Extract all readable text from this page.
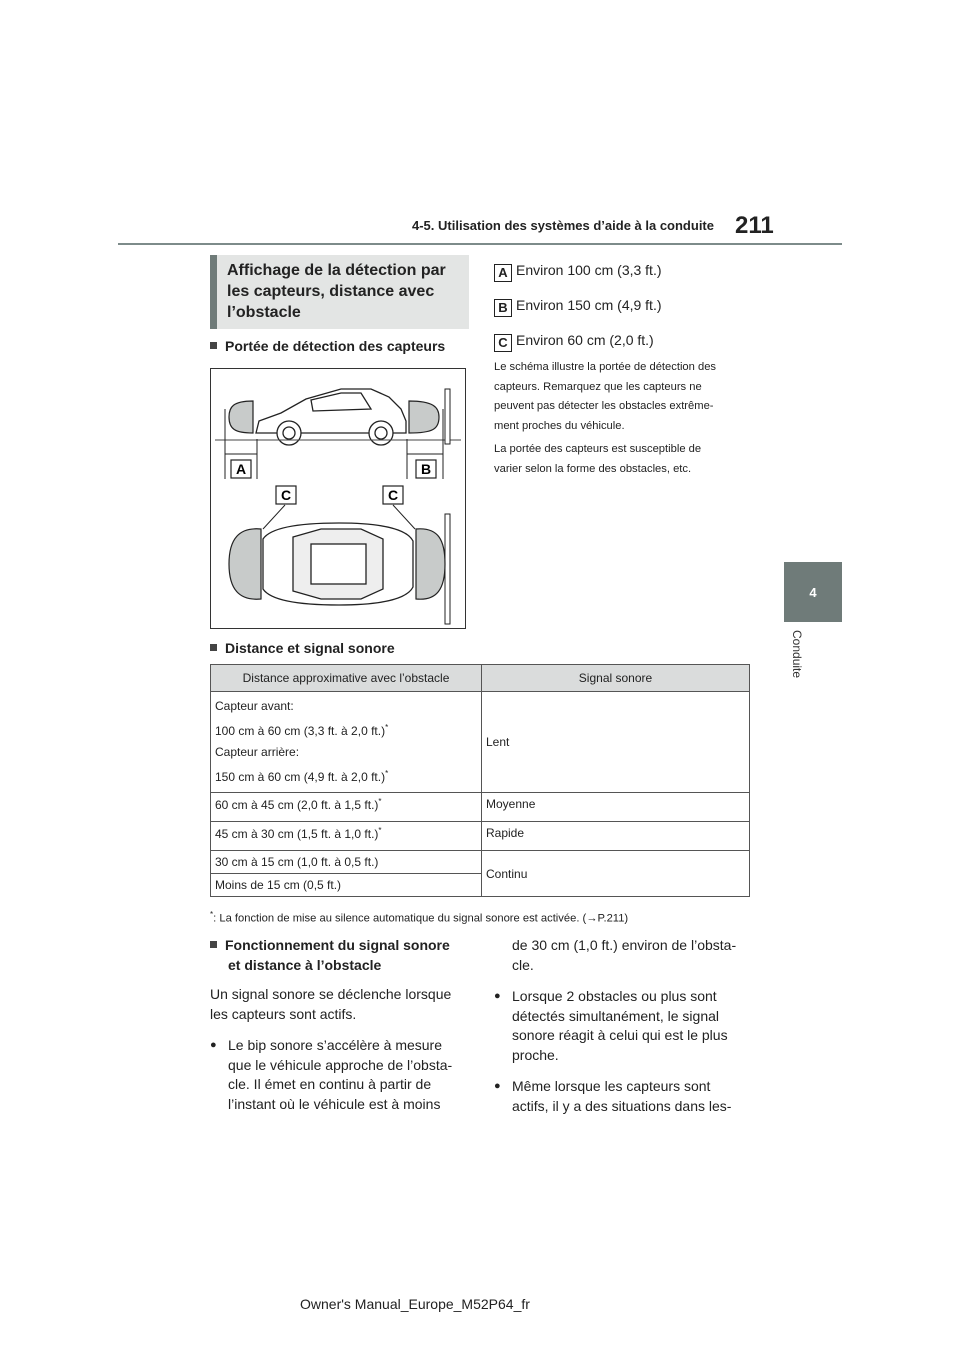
4-5. Utilisation des systèmes d’aide à la conduite 211
4
Conduite
Affichage de la détection par
les capteurs, distance avec
l’obstacle
Portée de détection des capteurs
A	B
C	C
A Environ 100 cm (3,3 ft.)
B Environ 150 cm (4,9 ft.)
C Environ 60 cm (2,0 ft.)
Le schéma illustre la portée de détection des
capteurs. Remarquez que les capteurs ne
peuvent pas détecter les obstacles extrême-
ment proches du véhicule.
La portée des capteurs est susceptible de
varier selon la forme des obstacles, etc.
Distance et signal sonore
Distance approximative avec l’obstacle	Signal sonore

Capteur avant:
100 cm à 60 cm (3,3 ft. à 2,0 ft.)*
Capteur arrière:
150 cm à 60 cm (4,9 ft. à 2,0 ft.)*	Lent
60 cm à 45 cm (2,0 ft. à 1,5 ft.)*	Moyenne
45 cm à 30 cm (1,5 ft. à 1,0 ft.)*	Rapide
30 cm à 15 cm (1,0 ft. à 0,5 ft.)	Continu
Moins de 15 cm (0,5 ft.)	
*: La fonction de mise au silence automatique du signal sonore est activée. (→P.211)
Fonctionnement du signal sonore
et distance à l’obstacle
Un signal sonore se déclenche lorsque
les capteurs sont actifs.
● Le bip sonore s’accélère à mesure
que le véhicule approche de l’obsta-
cle. Il émet en continu à partir de
l’instant où le véhicule est à moins
de 30 cm (1,0 ft.) environ de l’obsta-
cle.
● Lorsque 2 obstacles ou plus sont
détectés simultanément, le signal
sonore réagit à celui qui est le plus
proche.
● Même lorsque les capteurs sont
actifs, il y a des situations dans les-
Owner's Manual_Europe_M52P64_fr
